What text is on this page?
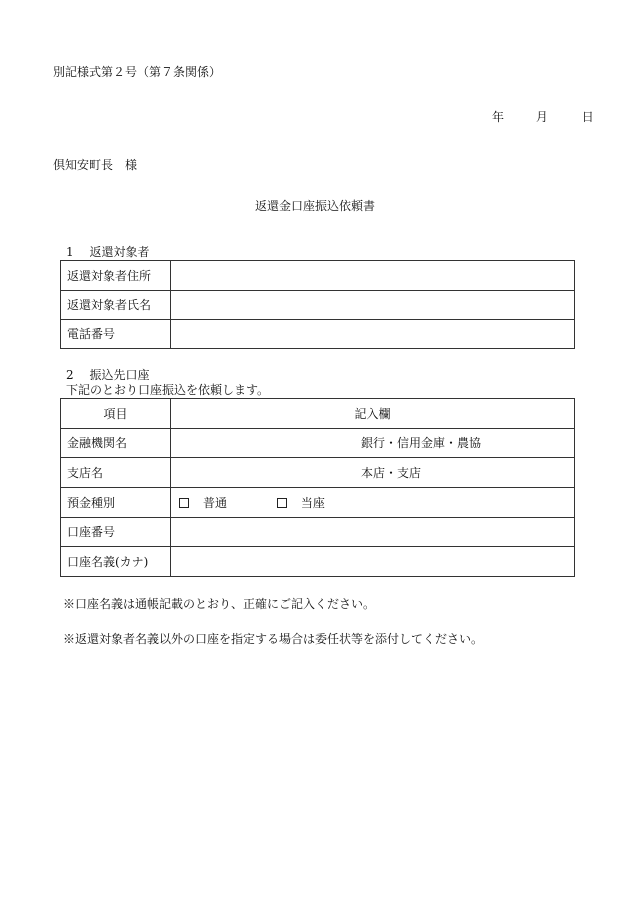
別記様式第２号（第７条関係）
年	月	日
倶知安町長　様
返還金口座振込依頼書
1　 返還対象者
返還対象者住所	
返還対象者氏名	
電話番号	
2　 振込先口座
下記のとおり口座振込を依頼します。
項目	記入欄
金融機関名	銀行・信用金庫・農協
支店名	本店・支店
預金種別	普通 当座
口座番号	
口座名義(カナ)	
※口座名義は通帳記載のとおり、正確にご記入ください。
※返還対象者名義以外の口座を指定する場合は委任状等を添付してください。
